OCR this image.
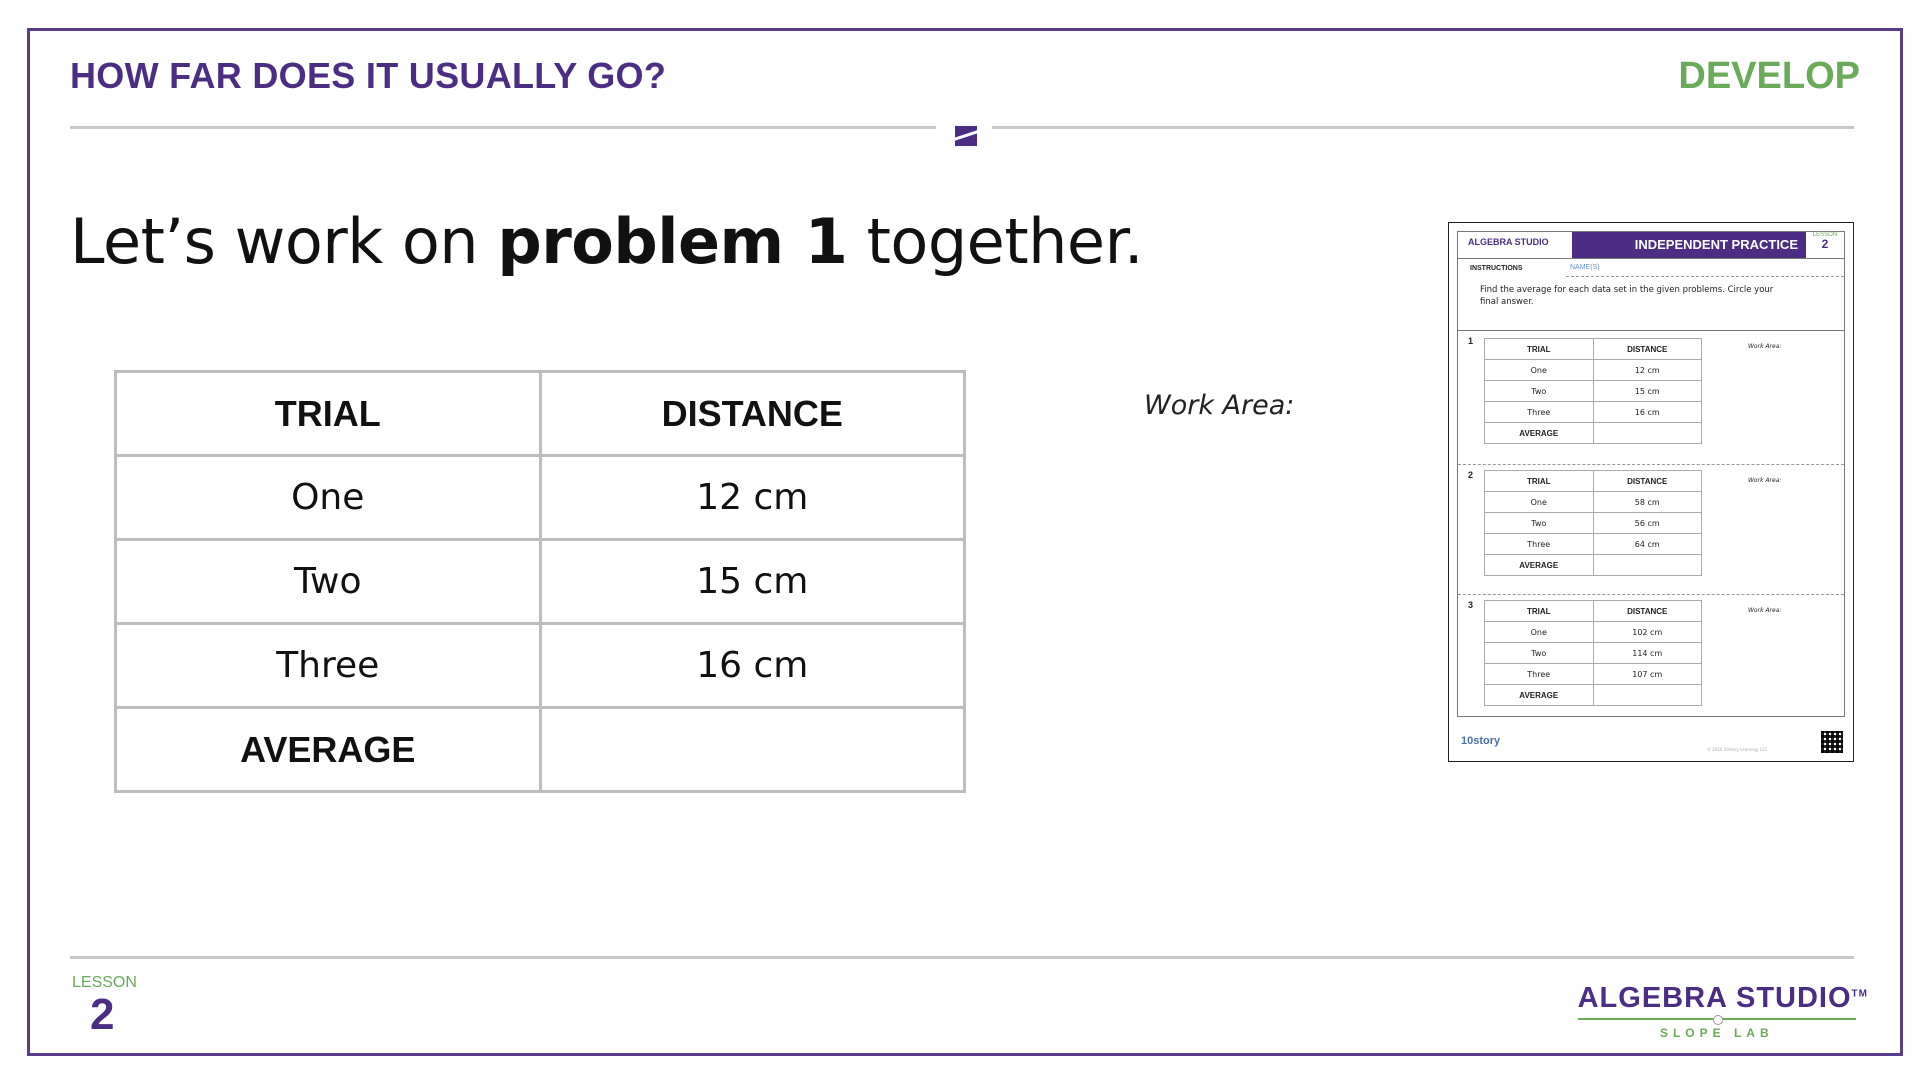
HOW FAR DOES IT USUALLY GO?	DEVELOP
Let’s work on problem 1 together.
TRIAL	DISTANCE
One	12 cm
Two	15 cm
Three	16 cm
AVERAGE	
Work Area:
ALGEBRA STUDIO	INDEPENDENT PRACTICE
LESSON
2
INSTRUCTIONS	NAME(S)
Find the average for each data set in the given problems. Circle your final answer.
1
Work Area:
TRIAL	DISTANCE
One	12 cm
Two	15 cm
Three	16 cm
AVERAGE	
2
Work Area:
TRIAL	DISTANCE
One	58 cm
Two	56 cm
Three	64 cm
AVERAGE	
3
Work Area:
TRIAL	DISTANCE
One	102 cm
Two	114 cm
Three	107 cm
AVERAGE	
10story
© 2020 10story Learning, LLC
LESSON
2	ALGEBRA STUDIO™
SLOPE LAB
